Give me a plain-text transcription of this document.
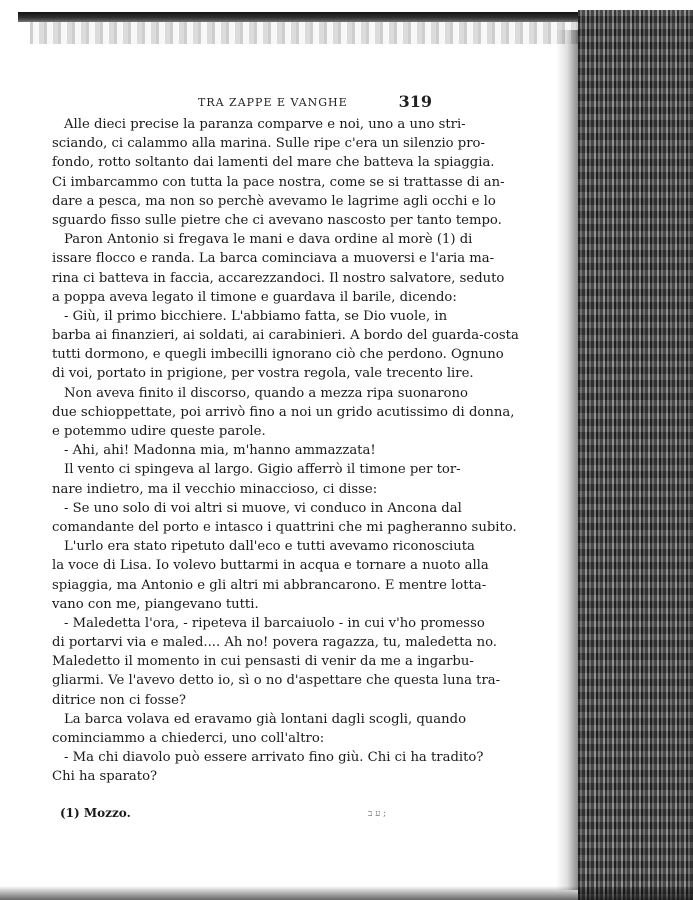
TRA ZAPPE E VANGHE	319
Alle dieci precise la paranza comparve e noi, uno a uno stri-
sciando, ci calammo alla marina. Sulle ripe c'era un silenzio pro-
fondo, rotto soltanto dai lamenti del mare che batteva la spiaggia.
Ci imbarcammo con tutta la pace nostra, come se si trattasse di an-
dare a pesca, ma non so perchè avevamo le lagrime agli occhi e lo
sguardo fisso sulle pietre che ci avevano nascosto per tanto tempo.
Paron Antonio si fregava le mani e dava ordine al morè (1) di
issare flocco e randa. La barca cominciava a muoversi e l'aria ma-
rina ci batteva in faccia, accarezzandoci. Il nostro salvatore, seduto
a poppa aveva legato il timone e guardava il barile, dicendo:
- Giù, il primo bicchiere. L'abbiamo fatta, se Dio vuole, in
barba ai finanzieri, ai soldati, ai carabinieri. A bordo del guarda-costa
tutti dormono, e quegli imbecilli ignorano ciò che perdono. Ognuno
di voi, portato in prigione, per vostra regola, vale trecento lire.
Non aveva finito il discorso, quando a mezza ripa suonarono
due schioppettate, poi arrivò fino a noi un grido acutissimo di donna,
e potemmo udire queste parole.
- Ahi, ahi! Madonna mia, m'hanno ammazzata!
Il vento ci spingeva al largo. Gigio afferrò il timone per tor-
nare indietro, ma il vecchio minaccioso, ci disse:
- Se uno solo di voi altri si muove, vi conduco in Ancona dal
comandante del porto e intasco i quattrini che mi pagheranno subito.
L'urlo era stato ripetuto dall'eco e tutti avevamo riconosciuta
la voce di Lisa. Io volevo buttarmi in acqua e tornare a nuoto alla
spiaggia, ma Antonio e gli altri mi abbrancarono. E mentre lotta-
vano con me, piangevano tutti.
- Maledetta l'ora, - ripeteva il barcaiuolo - in cui v'ho promesso
di portarvi via e maled.... Ah no! povera ragazza, tu, maledetta no.
Maledetto il momento in cui pensasti di venir da me a ingarbu-
gliarmi. Ve l'avevo detto io, sì o no d'aspettare che questa luna tra-
ditrice non ci fosse?
La barca volava ed eravamo già lontani dagli scogli, quando
cominciammo a chiederci, uno coll'altro:
- Ma chi diavolo può essere arrivato fino giù. Chi ci ha tradito?
Chi ha sparato?
(1) Mozzo.	ע ב ;
